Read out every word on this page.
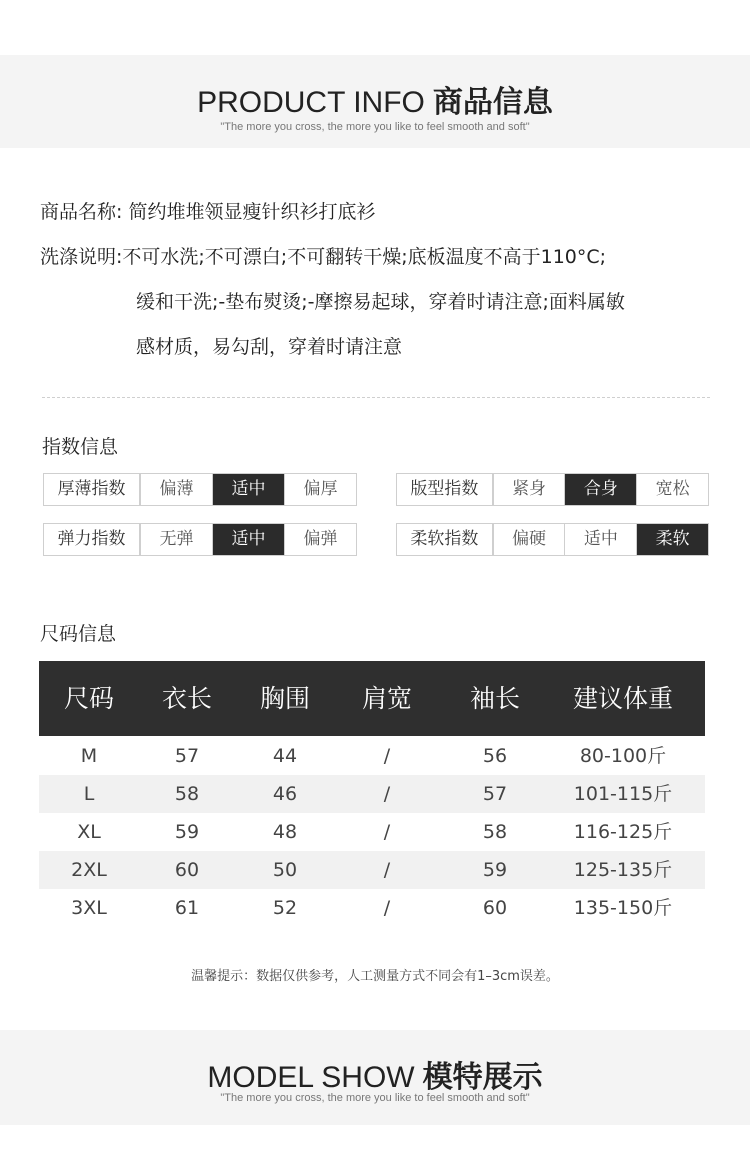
PRODUCT INFO 商品信息
"The more you cross, the more you like to feel smooth and soft"
商品名称: 简约堆堆领显瘦针织衫打底衫
洗涤说明:不可水洗;不可漂白;不可翻转干燥;底板温度不高于110°C;
缓和干洗;-垫布熨烫;-摩擦易起球，穿着时请注意;面料属敏
感材质，易勾刮，穿着时请注意
指数信息
厚薄指数	偏薄	适中	偏厚	版型指数	紧身	合身	宽松
弹力指数	无弹	适中	偏弹	柔软指数	偏硬	适中	柔软
尺码信息
尺码	衣长	胸围	肩宽	袖长	建议体重
M	57	44	/	56	80-100斤
L	58	46	/	57	101-115斤
XL	59	48	/	58	116-125斤
2XL	60	50	/	59	125-135斤
3XL	61	52	/	60	135-150斤
温馨提示：数据仅供参考，人工测量方式不同会有1–3cm误差。
MODEL SHOW 模特展示
"The more you cross, the more you like to feel smooth and soft"
